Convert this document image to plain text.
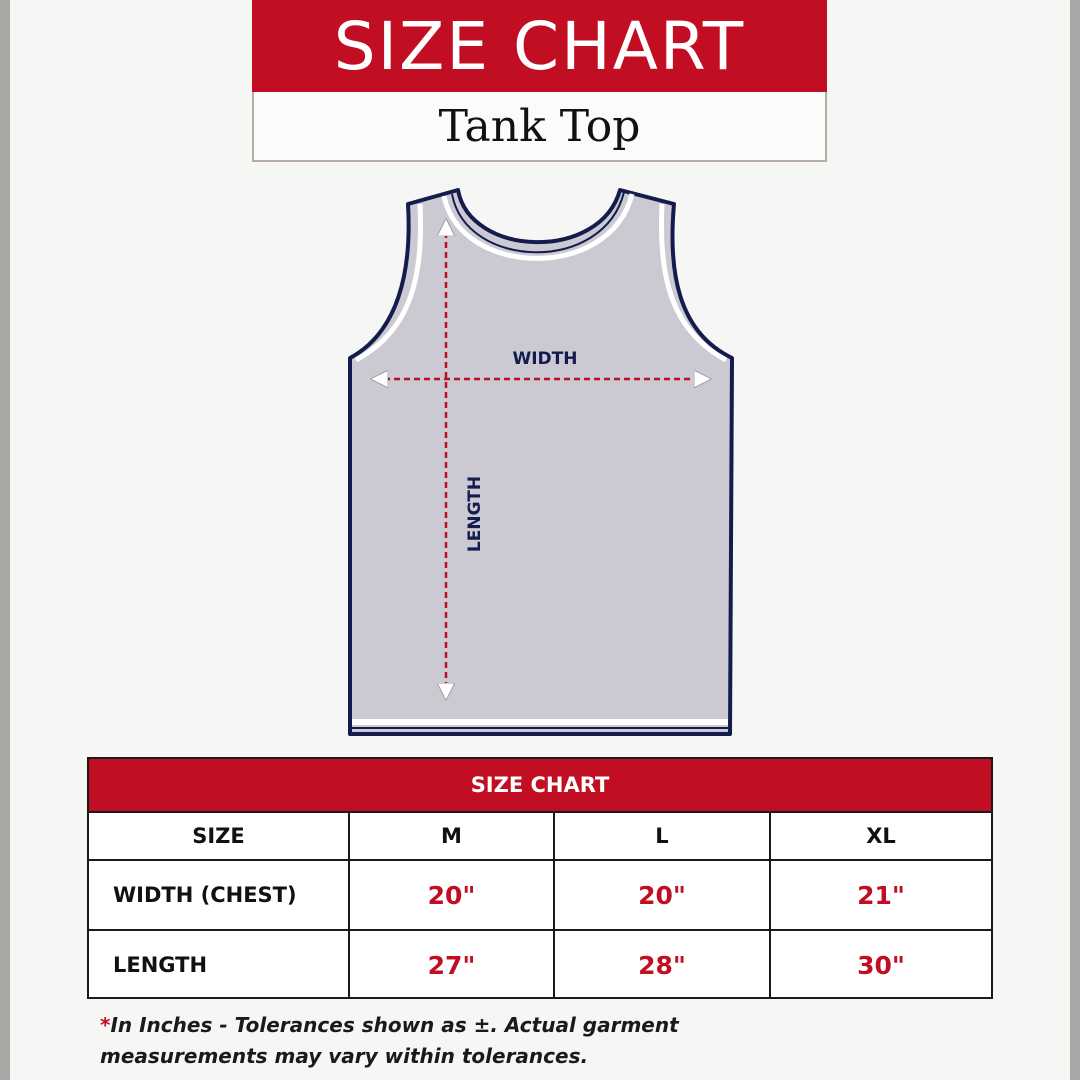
SIZE CHART
Tank Top
WIDTH
LENGTH
SIZE CHART
SIZE	M	L	XL
WIDTH (CHEST)	20"	20"	21"
LENGTH	27"	28"	30"
*In Inches - Tolerances shown as ±. Actual garment
measurements may vary within tolerances.
